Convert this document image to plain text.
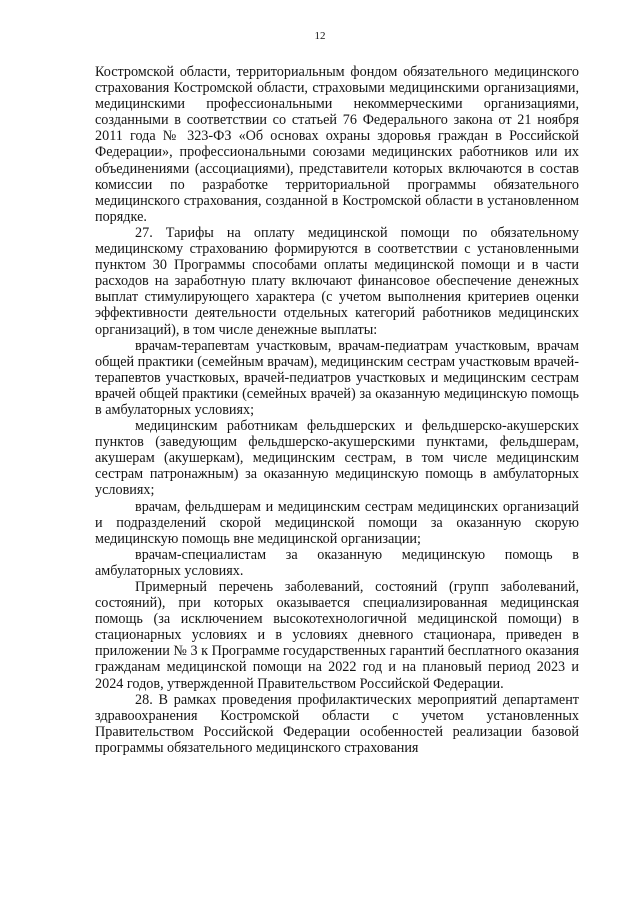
12

Костромской области, территориальным фондом обязательного медицинского страхования Костромской области, страховыми медицинскими организациями, медицинскими профессиональными некоммерческими организациями, созданными в соответствии со статьей 76 Федерального закона от 21 ноября 2011 года № 323-ФЗ «Об основах охраны здоровья граждан в Российской Федерации», профессиональными союзами медицинских работников или их объединениями (ассоциациями), представители которых включаются в состав комиссии по разработке территориальной программы обязательного медицинского страхования, созданной в Костромской области в установленном порядке.

27. Тарифы на оплату медицинской помощи по обязательному медицинскому страхованию формируются в соответствии с установленными пунктом 30 Программы способами оплаты медицинской помощи и в части расходов на заработную плату включают финансовое обеспечение денежных выплат стимулирующего характера (с учетом выполнения критериев оценки эффективности деятельности отдельных категорий работников медицинских организаций), в том числе денежные выплаты:

врачам-терапевтам участковым, врачам-педиатрам участковым, врачам общей практики (семейным врачам), медицинским сестрам участковым врачей-терапевтов участковых, врачей-педиатров участковых и медицинским сестрам врачей общей практики (семейных врачей) за оказанную медицинскую помощь в амбулаторных условиях;

медицинским работникам фельдшерских и фельдшерско-акушерских пунктов (заведующим фельдшерско-акушерскими пунктами, фельдшерам, акушерам (акушеркам), медицинским сестрам, в том числе медицинским сестрам патронажным) за оказанную медицинскую помощь в амбулаторных условиях;

врачам, фельдшерам и медицинским сестрам медицинских организаций и подразделений скорой медицинской помощи за оказанную скорую медицинскую помощь вне медицинской организации;

врачам-специалистам за оказанную медицинскую помощь в амбулаторных условиях.

Примерный перечень заболеваний, состояний (групп заболеваний, состояний), при которых оказывается специализированная медицинская помощь (за исключением высокотехнологичной медицинской помощи) в стационарных условиях и в условиях дневного стационара, приведен в приложении № 3 к Программе государственных гарантий бесплатного оказания гражданам медицинской помощи на 2022 год и на плановый период 2023 и 2024 годов, утвержденной Правительством Российской Федерации.

28. В рамках проведения профилактических мероприятий департамент здравоохранения Костромской области с учетом установленных Правительством Российской Федерации особенностей реализации базовой программы обязательного медицинского страхования
